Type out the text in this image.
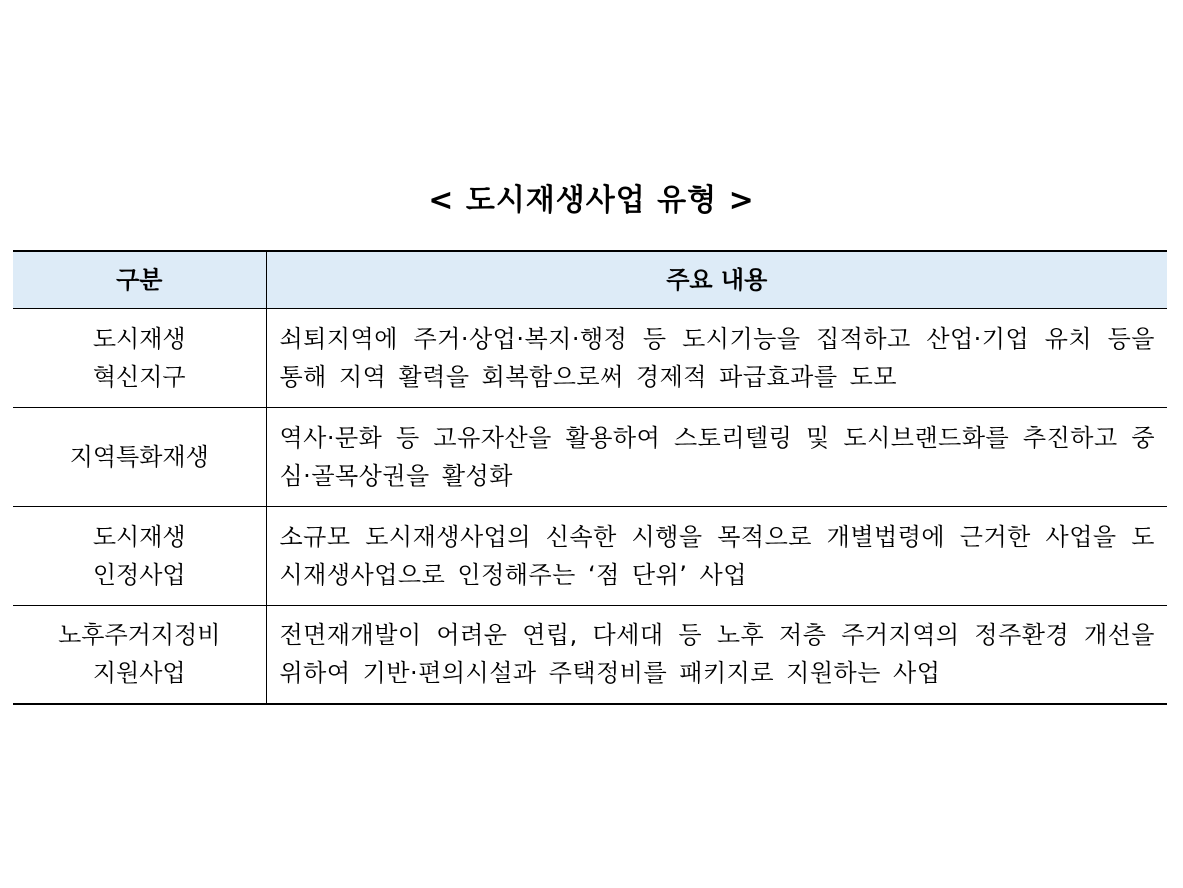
< 도시재생사업 유형 >
구분	주요 내용

도시재생
혁신지구	쇠퇴지역에 주거·상업·복지·행정 등 도시기능을 집적하고 산업·기업 유치 등을 통해 지역 활력을 회복함으로써 경제적 파급효과를 도모

지역특화재생	역사·문화 등 고유자산을 활용하여 스토리텔링 및 도시브랜드화를 추진하고 중심·골목상권을 활성화

도시재생
인정사업	소규모 도시재생사업의 신속한 시행을 목적으로 개별법령에 근거한 사업을 도시재생사업으로 인정해주는 ‘점 단위’ 사업

노후주거지정비
지원사업	전면재개발이 어려운 연립, 다세대 등 노후 저층 주거지역의 정주환경 개선을 위하여 기반·편의시설과 주택정비를 패키지로 지원하는 사업
